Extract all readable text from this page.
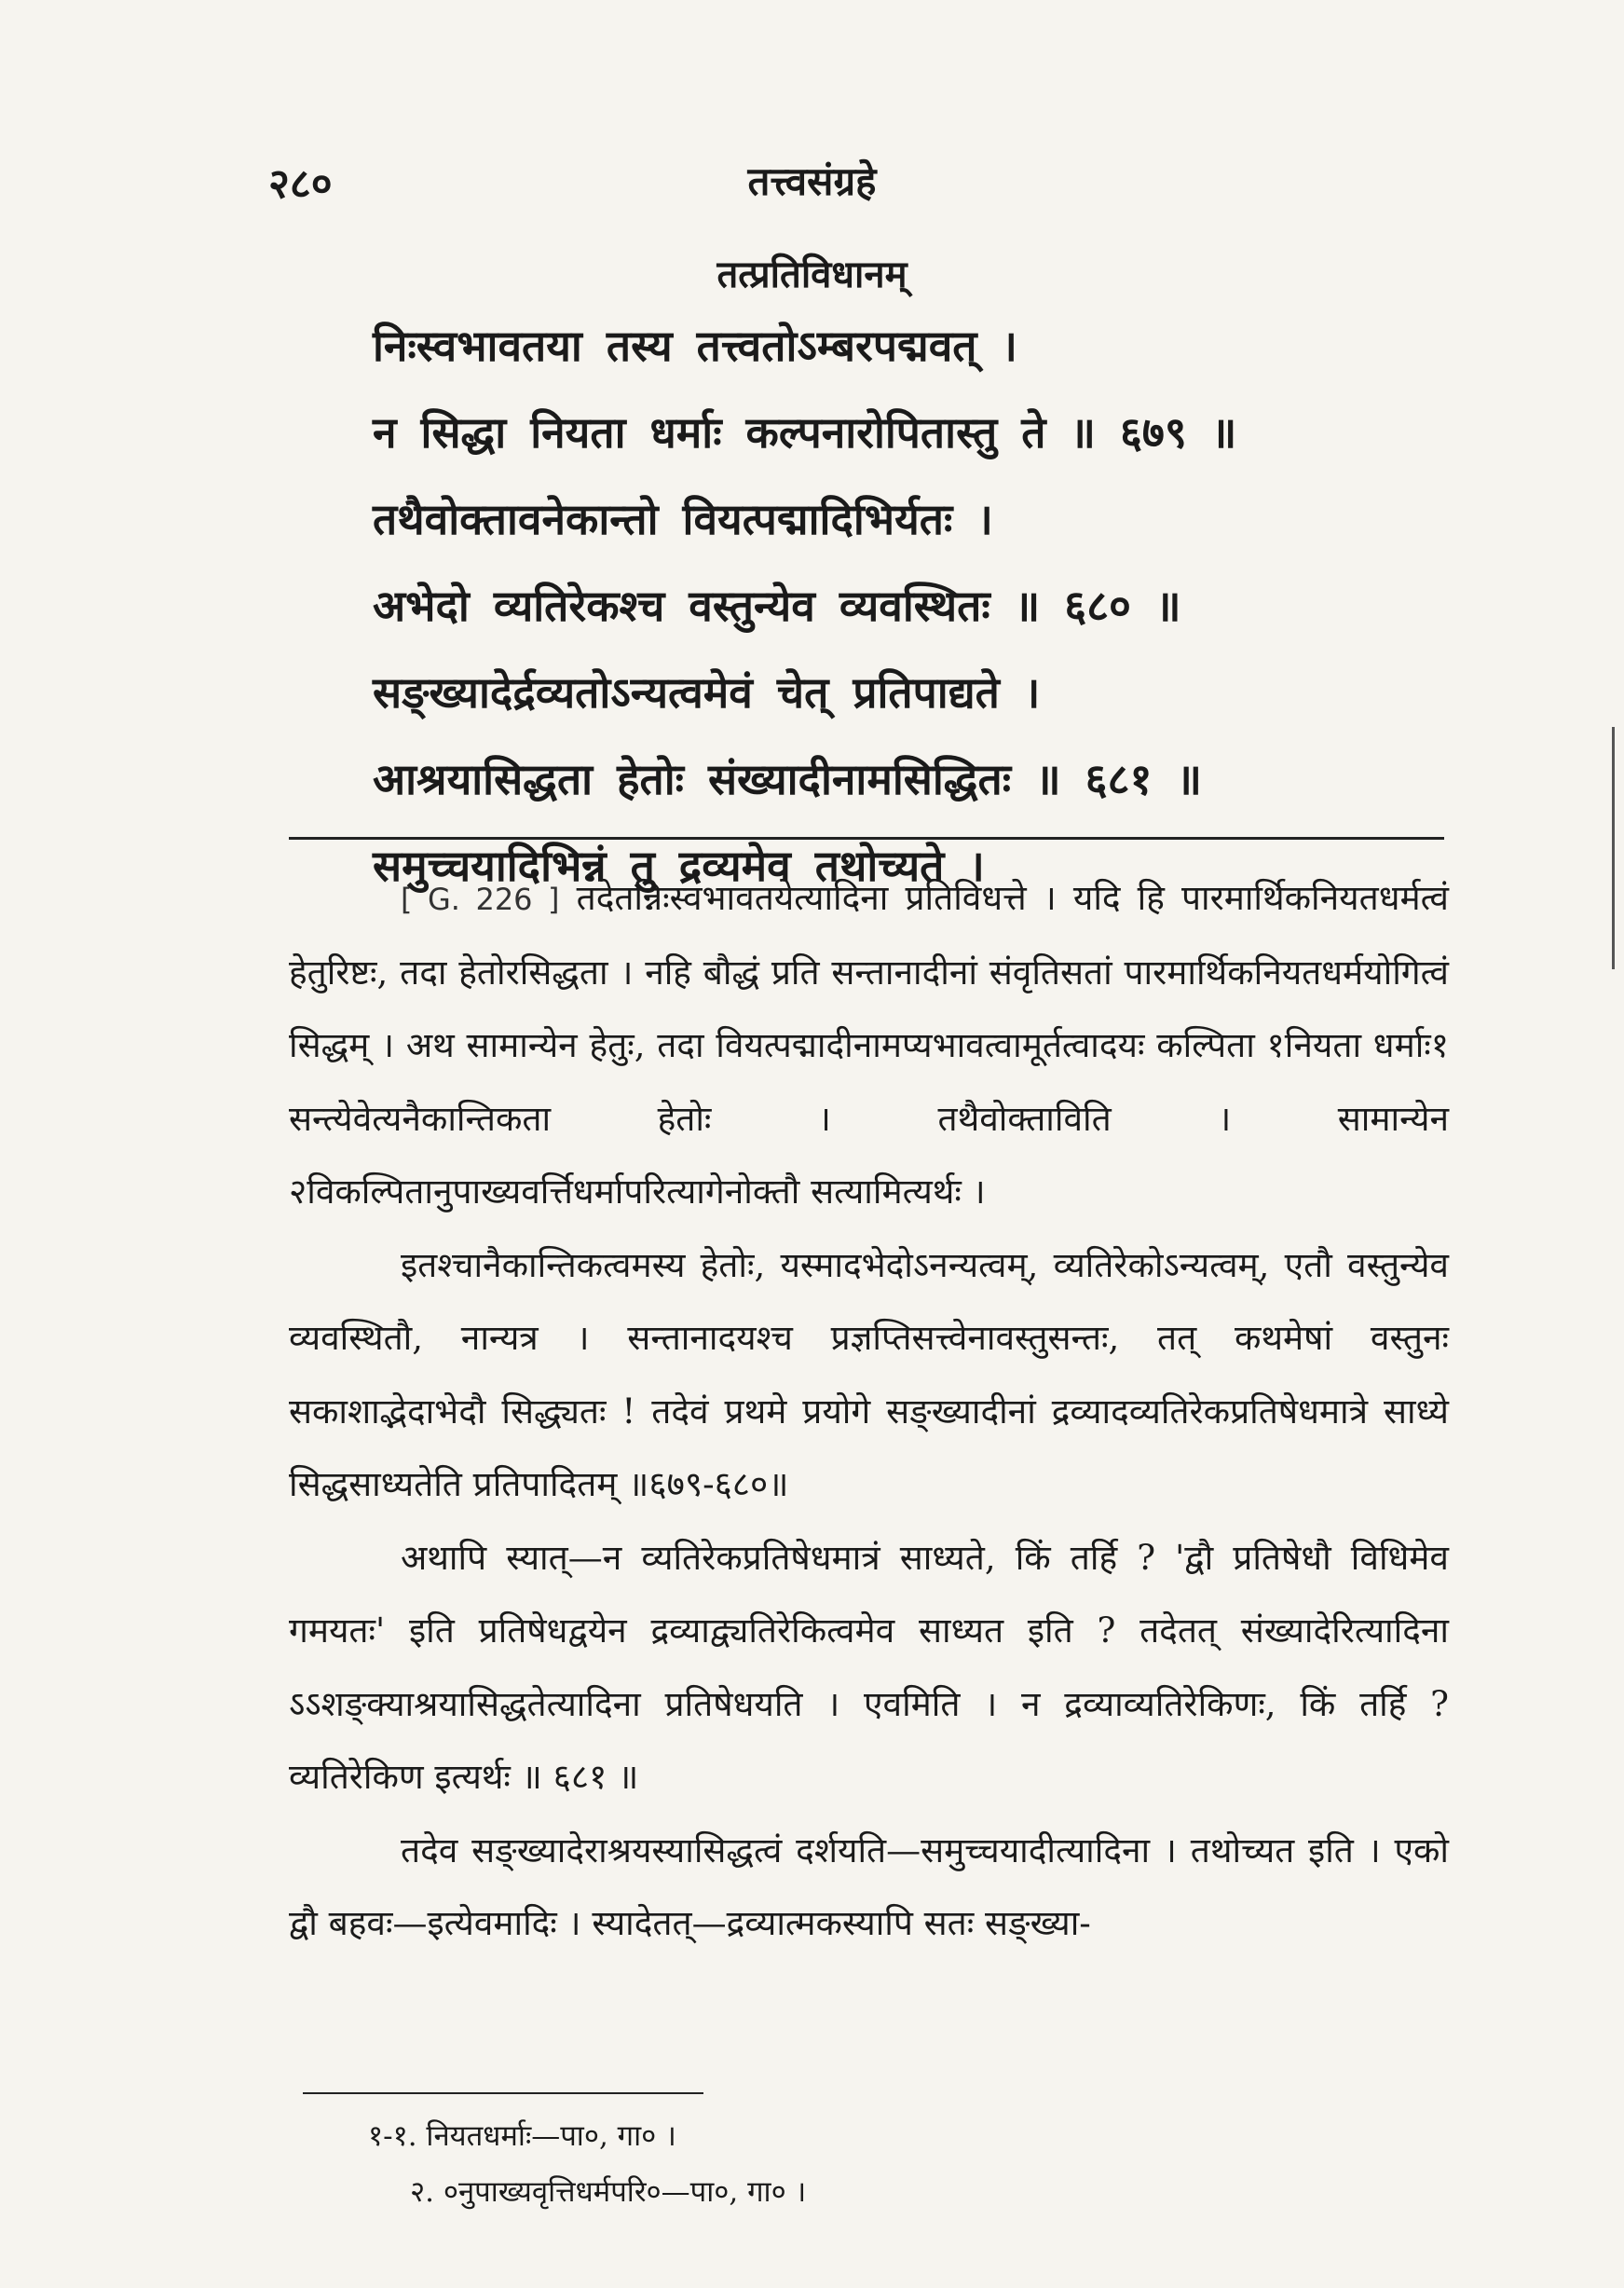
२८०	तत्त्वसंग्रहे
तत्प्रतिविधानम्
निःस्वभावतया तस्य तत्त्वतोऽम्बरपद्मवत् ।
न सिद्धा नियता धर्माः कल्पनारोपितास्तु ते ॥ ६७९ ॥
तथैवोक्तावनेकान्तो वियत्पद्मादिभिर्यतः ।
अभेदो व्यतिरेकश्च वस्तुन्येव व्यवस्थितः ॥ ६८० ॥
सङ्ख्यादेर्द्रव्यतोऽन्यत्वमेवं चेत् प्रतिपाद्यते ।
आश्रयासिद्धता हेतोः संख्यादीनामसिद्धितः ॥ ६८१ ॥
समुच्चयादिभिन्नं तु द्रव्यमेव तथोच्यते ।

[ G. 226 ] तदेतन्निःस्वभावतयेत्यादिना प्रतिविधत्ते । यदि हि पारमार्थिकनियतधर्मत्वं हेतुरिष्टः, तदा हेतोरसिद्धता । नहि बौद्धं प्रति सन्तानादीनां संवृतिसतां पारमार्थिकनियतधर्मयोगित्वं सिद्धम् । अथ सामान्येन हेतुः, तदा वियत्पद्मादीनामप्यभावत्वामूर्तत्वादयः कल्पिता १नियता धर्माः१ सन्त्येवेत्यनैकान्तिकता हेतोः । तथैवोक्ताविति । सामान्येन २विकल्पितानुपाख्यवर्त्तिधर्मापरित्यागेनोक्तौ सत्यामित्यर्थः ।

इतश्चानैकान्तिकत्वमस्य हेतोः, यस्मादभेदोऽनन्यत्वम्, व्यतिरेकोऽन्यत्वम्, एतौ वस्तुन्येव व्यवस्थितौ, नान्यत्र । सन्तानादयश्च प्रज्ञप्तिसत्त्वेनावस्तुसन्तः, तत् कथमेषां वस्तुनः सकाशाद्भेदाभेदौ सिद्ध्यतः ! तदेवं प्रथमे प्रयोगे सङ्ख्यादीनां द्रव्यादव्यतिरेकप्रतिषेधमात्रे साध्ये सिद्धसाध्यतेति प्रतिपादितम् ॥६७९-६८०॥

अथापि स्यात्—न व्यतिरेकप्रतिषेधमात्रं साध्यते, किं तर्हि ? 'द्वौ प्रतिषेधौ विधिमेव गमयतः' इति प्रतिषेधद्वयेन द्रव्याद्व्यतिरेकित्वमेव साध्यत इति ? तदेतत् संख्यादेरित्यादिना ऽऽशङ्क्याश्रयासिद्धतेत्यादिना प्रतिषेधयति । एवमिति । न द्रव्याव्यतिरेकिणः, किं तर्हि ? व्यतिरेकिण इत्यर्थः ॥ ६८१ ॥

तदेव सङ्ख्यादेराश्रयस्यासिद्धत्वं दर्शयति—समुच्चयादीत्यादिना । तथोच्यत इति । एको द्वौ बहवः—इत्येवमादिः । स्यादेतत्—द्रव्यात्मकस्यापि सतः सङ्ख्या-

१-१. नियतधर्माः—पा०, गा० ।
२. ०नुपाख्यवृत्तिधर्मपरि०—पा०, गा० ।
